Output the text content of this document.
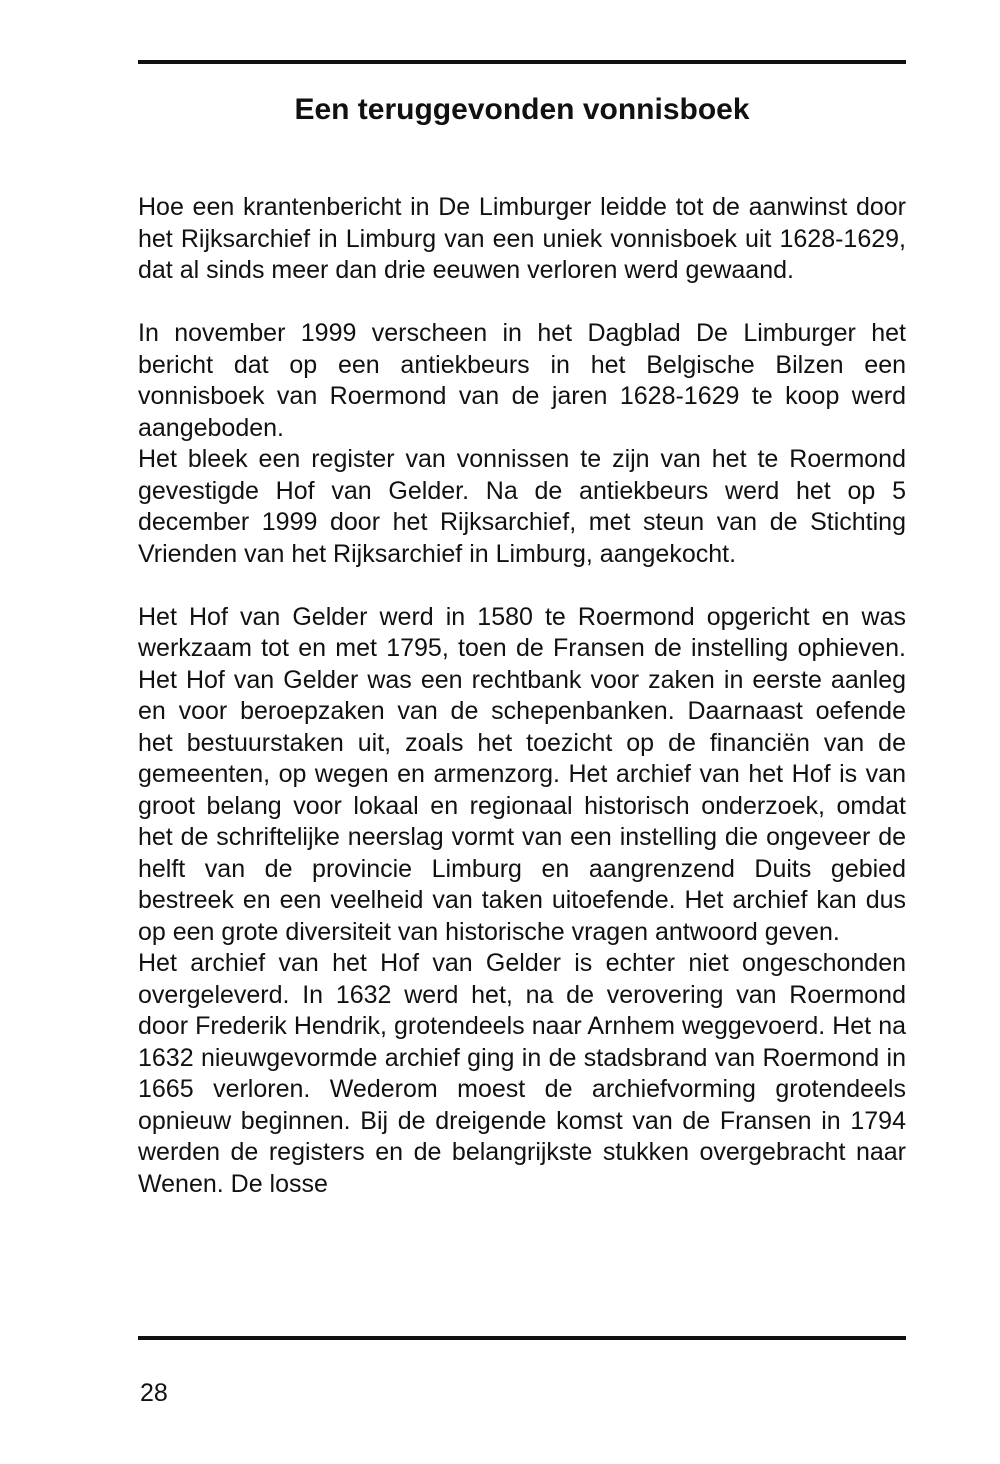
Een teruggevonden vonnisboek

Hoe een krantenbericht in De Limburger leidde tot de aanwinst door het Rijksarchief in Limburg van een uniek vonnisboek uit 1628-1629, dat al sinds meer dan drie eeuwen verloren werd gewaand.

In november 1999 verscheen in het Dagblad De Limburger het bericht dat op een antiekbeurs in het Belgische Bilzen een vonnisboek van Roermond van de jaren 1628-1629 te koop werd aangeboden.

Het bleek een register van vonnissen te zijn van het te Roermond gevestigde Hof van Gelder. Na de antiekbeurs werd het op 5 december 1999 door het Rijksarchief, met steun van de Stichting Vrienden van het Rijksarchief in Limburg, aangekocht.

Het Hof van Gelder werd in 1580 te Roermond opgericht en was werkzaam tot en met 1795, toen de Fransen de instelling ophieven. Het Hof van Gelder was een rechtbank voor zaken in eerste aanleg en voor beroepzaken van de schepenbanken. Daarnaast oefende het bestuurstaken uit, zoals het toezicht op de financiën van de gemeenten, op wegen en armenzorg. Het archief van het Hof is van groot belang voor lokaal en regionaal historisch onderzoek, omdat het de schriftelijke neerslag vormt van een instelling die ongeveer de helft van de provincie Limburg en aangrenzend Duits gebied bestreek en een veelheid van taken uitoefende. Het archief kan dus op een grote diversiteit van historische vragen antwoord geven.

Het archief van het Hof van Gelder is echter niet ongeschonden overgeleverd. In 1632 werd het, na de verovering van Roermond door Frederik Hendrik, grotendeels naar Arnhem weggevoerd. Het na 1632 nieuwgevormde archief ging in de stadsbrand van Roermond in 1665 verloren. Wederom moest de archiefvorming grotendeels opnieuw beginnen. Bij de dreigende komst van de Fransen in 1794 werden de registers en de belangrijkste stukken overgebracht naar Wenen. De losse

28
